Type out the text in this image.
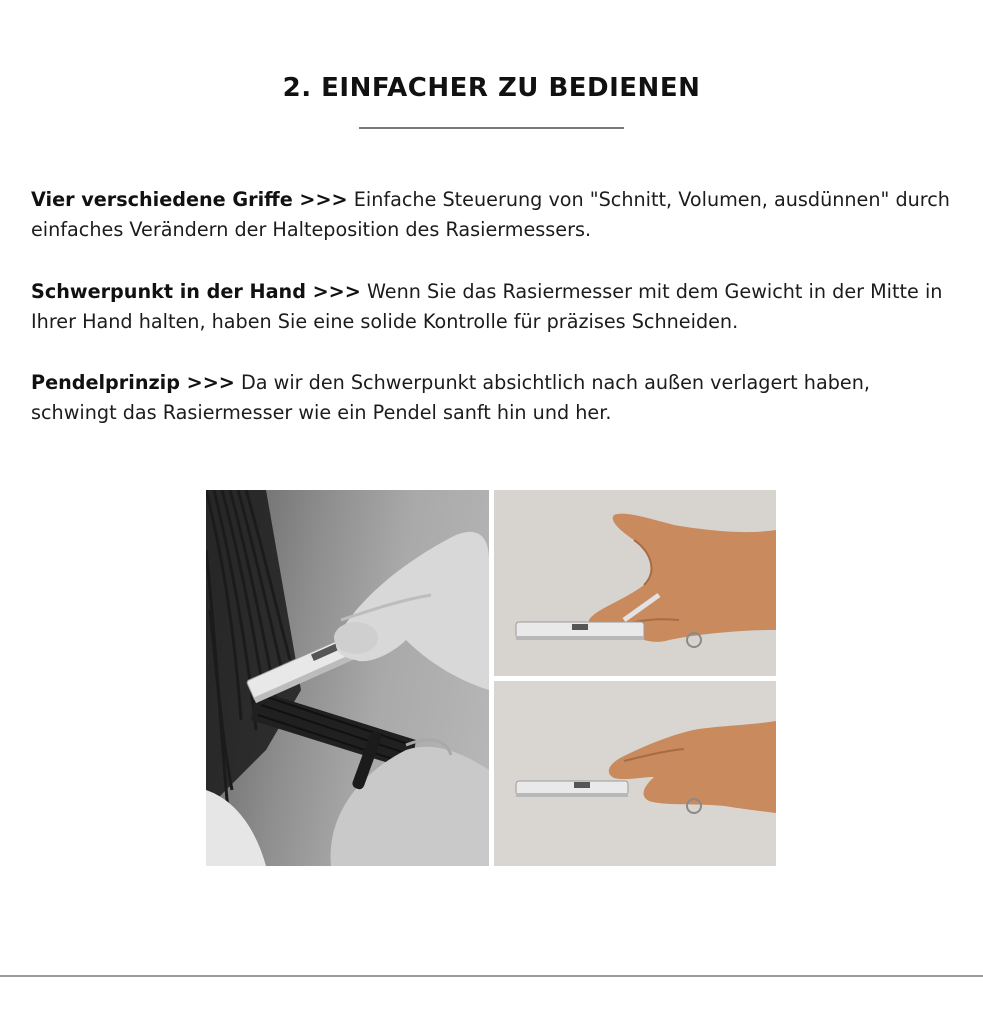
2. EINFACHER ZU BEDIENEN

Vier verschiedene Griffe >>> Einfache Steuerung von "Schnitt, Volumen, ausdünnen" durch einfaches Verändern der Halteposition des Rasiermessers.

Schwerpunkt in der Hand >>> Wenn Sie das Rasiermesser mit dem Gewicht in der Mitte in Ihrer Hand halten, haben Sie eine solide Kontrolle für präzises Schneiden.

Pendelprinzip >>> Da wir den Schwerpunkt absichtlich nach außen verlagert haben, schwingt das Rasiermesser wie ein Pendel sanft hin und her.
